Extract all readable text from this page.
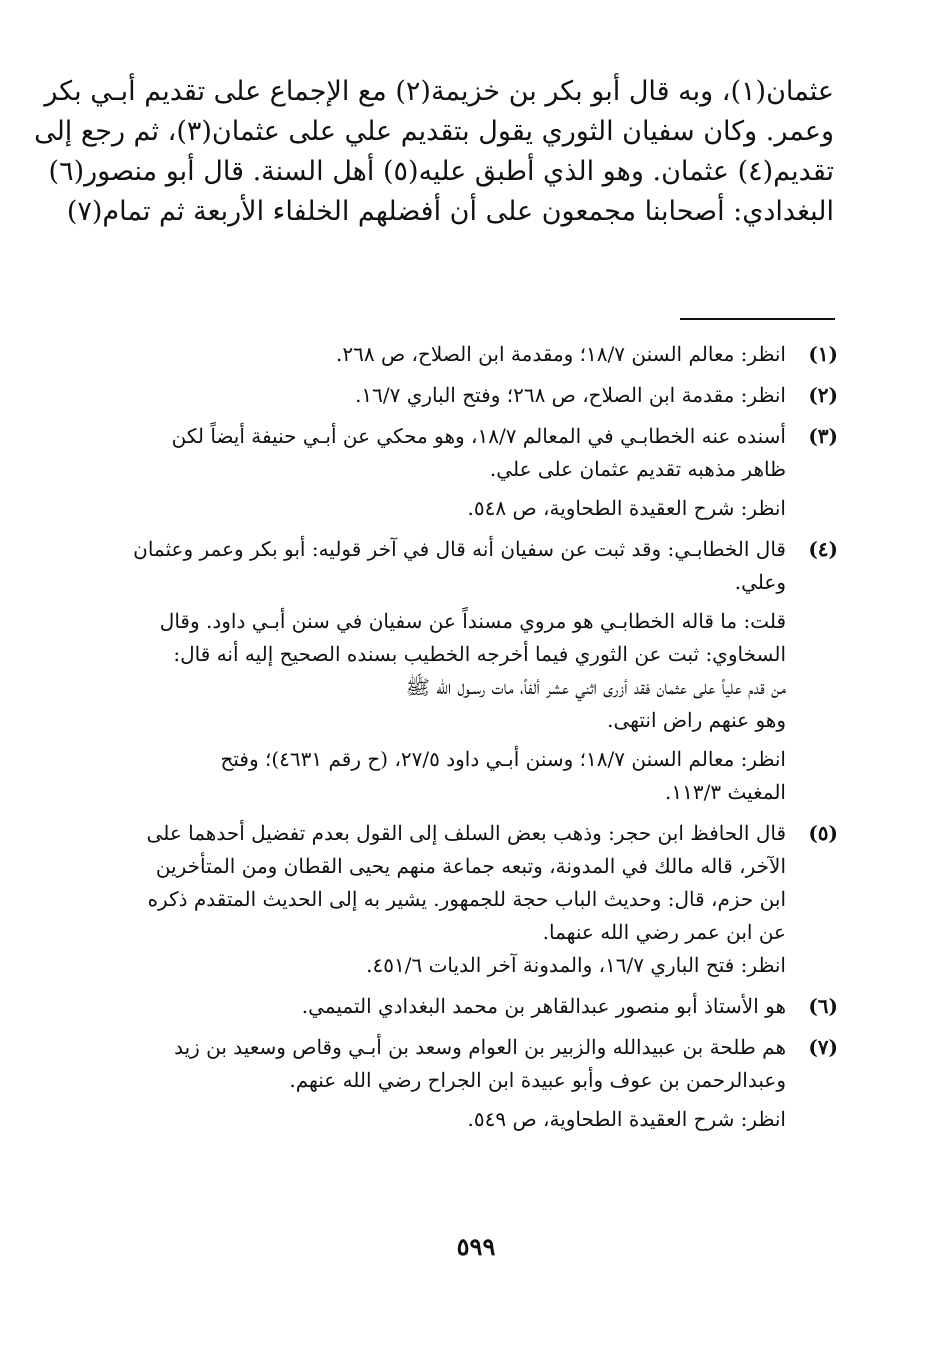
عثمان(١)، وبه قال أبو بكر بن خزيمة(٢) مع الإجماع على تقديم أبـي بكر
وعمر. وكان سفيان الثوري يقول بتقديم علي على عثمان(٣)، ثم رجع إلى
تقديم(٤) عثمان. وهو الذي أطبق عليه(٥) أهل السنة. قال أبو منصور(٦)
البغدادي: أصحابنا مجمعون على أن أفضلهم الخلفاء الأربعة ثم تمام(٧)
(١)
انظر: معالم السنن ١٨/٧؛ ومقدمة ابن الصلاح، ص ٢٦٨.
(٢)
انظر: مقدمة ابن الصلاح، ص ٢٦٨؛ وفتح الباري ١٦/٧.
(٣)
أسنده عنه الخطابـي في المعالم ١٨/٧، وهو محكي عن أبـي حنيفة أيضاً لكن
ظاهر مذهبه تقديم عثمان على علي.
انظر: شرح العقيدة الطحاوية، ص ٥٤٨.
(٤)
قال الخطابـي: وقد ثبت عن سفيان أنه قال في آخر قوليه: أبو بكر وعمر وعثمان
وعلي.
قلت: ما قاله الخطابـي هو مروي مسنداً عن سفيان في سنن أبـي داود. وقال
السخاوي: ثبت عن الثوري فيما أخرجه الخطيب بسنده الصحيح إليه أنه قال:
من قدم علياً على عثمان فقد أزرى اثني عشر ألفاً، مات رسـول الله ﷺ
وهو عنهم راض انتهى.
انظر: معالم السنن ١٨/٧؛ وسنن أبـي داود ٢٧/٥، (ح رقم ٤٦٣١)؛ وفتح
المغيث ١١٣/٣.
(٥)
قال الحافظ ابن حجر: وذهب بعض السلف إلى القول بعدم تفضيل أحدهما على
الآخر، قاله مالك في المدونة، وتبعه جماعة منهم يحيى القطان ومن المتأخرين
ابن حزم، قال: وحديث الباب حجة للجمهور. يشير به إلى الحديث المتقدم ذكره
عن ابن عمر رضي الله عنهما.
انظر: فتح الباري ١٦/٧، والمدونة آخر الديات ٤٥١/٦.
(٦)
هو الأستاذ أبو منصور عبدالقاهر بن محمد البغدادي التميمي.
(٧)
هم طلحة بن عبيدالله والزبير بن العوام وسعد بن أبـي وقاص وسعيد بن زيد
وعبدالرحمن بن عوف وأبو عبيدة ابن الجراح رضي الله عنهم.
انظر: شرح العقيدة الطحاوية، ص ٥٤٩.
٥٩٩
